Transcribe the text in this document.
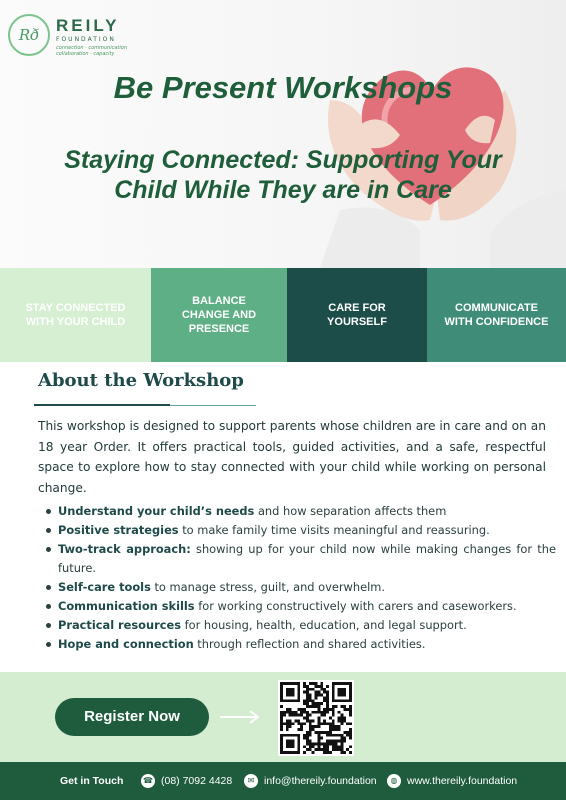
Rð REILY
FOUNDATION
connection · communication collaboration · capacity
Be Present Workshops
Staying Connected: Supporting Your
Child While They are in Care
STAY CONNECTED
WITH YOUR CHILD
BALANCE
CHANGE AND
PRESENCE
CARE FOR
YOURSELF
COMMUNICATE
WITH CONFIDENCE
About the Workshop

This workshop is designed to support parents whose children are in care and on an 18 year Order. It offers practical tools, guided activities, and a safe, respectful space to explore how to stay connected with your child while working on personal change.

Understand your child’s needs and how separation affects them
Positive strategies to make family time visits meaningful and reassuring.
Two-track approach: showing up for your child now while making changes for the future.
Self-care tools to manage stress, guilt, and overwhelm.
Communication skills for working constructively with carers and caseworkers.
Practical resources for housing, health, education, and legal support.
Hope and connection through reflection and shared activities.
Register Now
Get in Touch ☎ (08) 7092 4428	✉ info@thereily.foundation	◍ www.thereily.foundation
